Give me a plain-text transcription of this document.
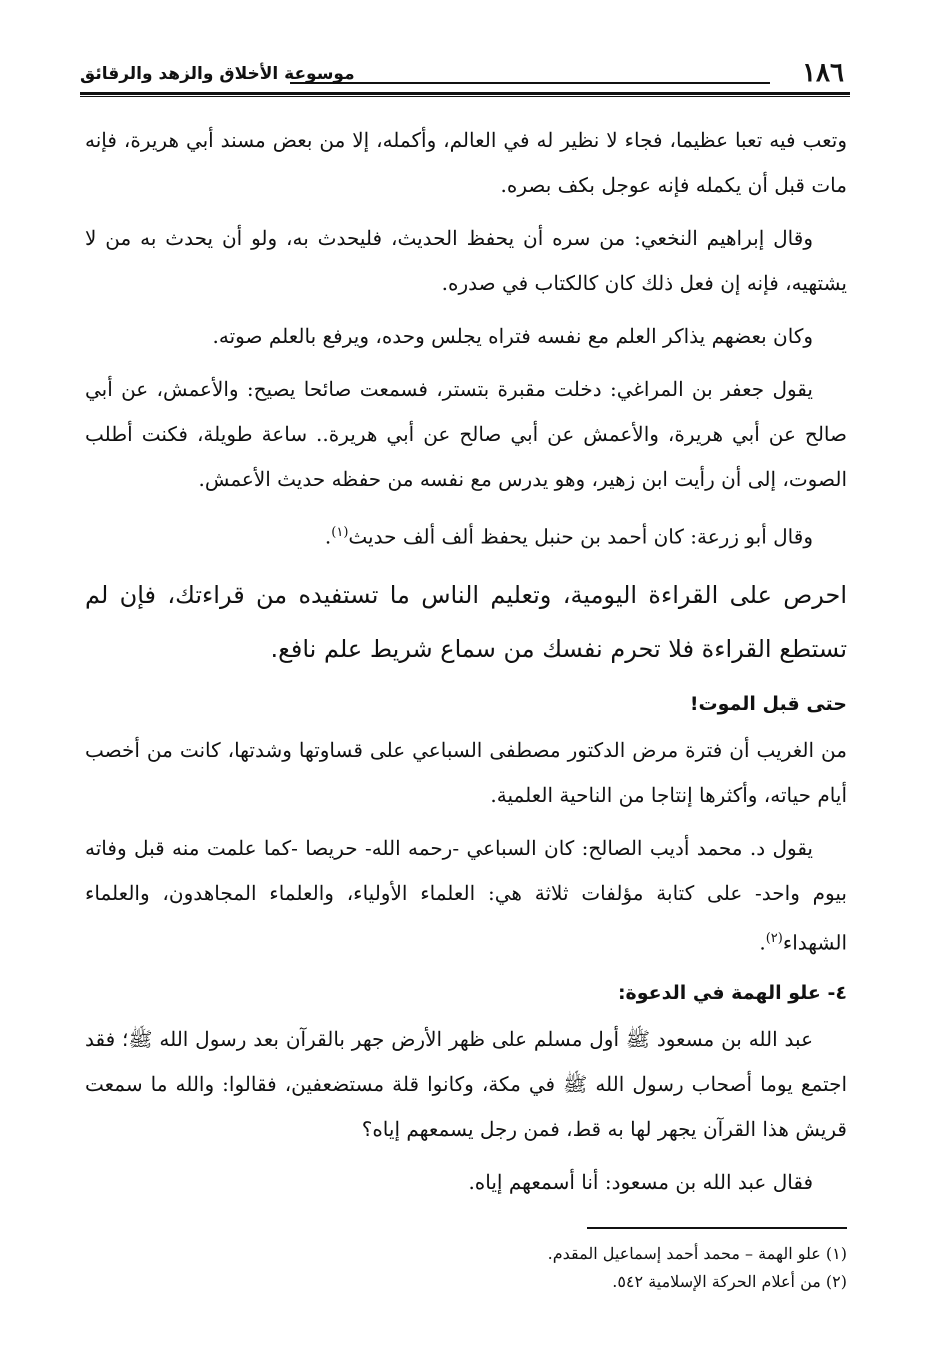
١٨٦
موسوعة الأخلاق والزهد والرقائق

وتعب فيه تعبا عظيما، فجاء لا نظير له في العالم، وأكمله، إلا من بعض مسند أبي هريرة، فإنه مات قبل أن يكمله فإنه عوجل بكف بصره.

وقال إبراهيم النخعي: من سره أن يحفظ الحديث، فليحدث به، ولو أن يحدث به من لا يشتهيه، فإنه إن فعل ذلك كان كالكتاب في صدره.

وكان بعضهم يذاكر العلم مع نفسه فتراه يجلس وحده، ويرفع بالعلم صوته.

يقول جعفر بن المراغي: دخلت مقبرة بتستر، فسمعت صائحا يصيح: والأعمش، عن أبي صالح عن أبي هريرة، والأعمش عن أبي صالح عن أبي هريرة.. ساعة طويلة، فكنت أطلب الصوت، إلى أن رأيت ابن زهير، وهو يدرس مع نفسه من حفظه حديث الأعمش.

وقال أبو زرعة: كان أحمد بن حنبل يحفظ ألف ألف حديث$^{(١)}$.

احرص على القراءة اليومية، وتعليم الناس ما تستفيده من قراءتك، فإن لم تستطع القراءة فلا تحرم نفسك من سماع شريط علم نافع.

حتى قبل الموت!

من الغريب أن فترة مرض الدكتور مصطفى السباعي على قساوتها وشدتها، كانت من أخصب أيام حياته، وأكثرها إنتاجا من الناحية العلمية.

يقول د. محمد أديب الصالح: كان السباعي -رحمه الله- حريصا -كما علمت منه قبل وفاته بيوم واحد- على كتابة مؤلفات ثلاثة هي: العلماء الأولياء، والعلماء المجاهدون، والعلماء الشهداء$^{(٢)}$.

٤- علو الهمة في الدعوة:

عبد الله بن مسعود ﷺ أول مسلم على ظهر الأرض جهر بالقرآن بعد رسول الله ﷺ؛ فقد اجتمع يوما أصحاب رسول الله ﷺ في مكة، وكانوا قلة مستضعفين، فقالوا: والله ما سمعت قريش هذا القرآن يجهر لها به قط، فمن رجل يسمعهم إياه؟

فقال عبد الله بن مسعود: أنا أسمعهم إياه.

(١) علو الهمة – محمد أحمد إسماعيل المقدم.
(٢) من أعلام الحركة الإسلامية ٥٤٢.
